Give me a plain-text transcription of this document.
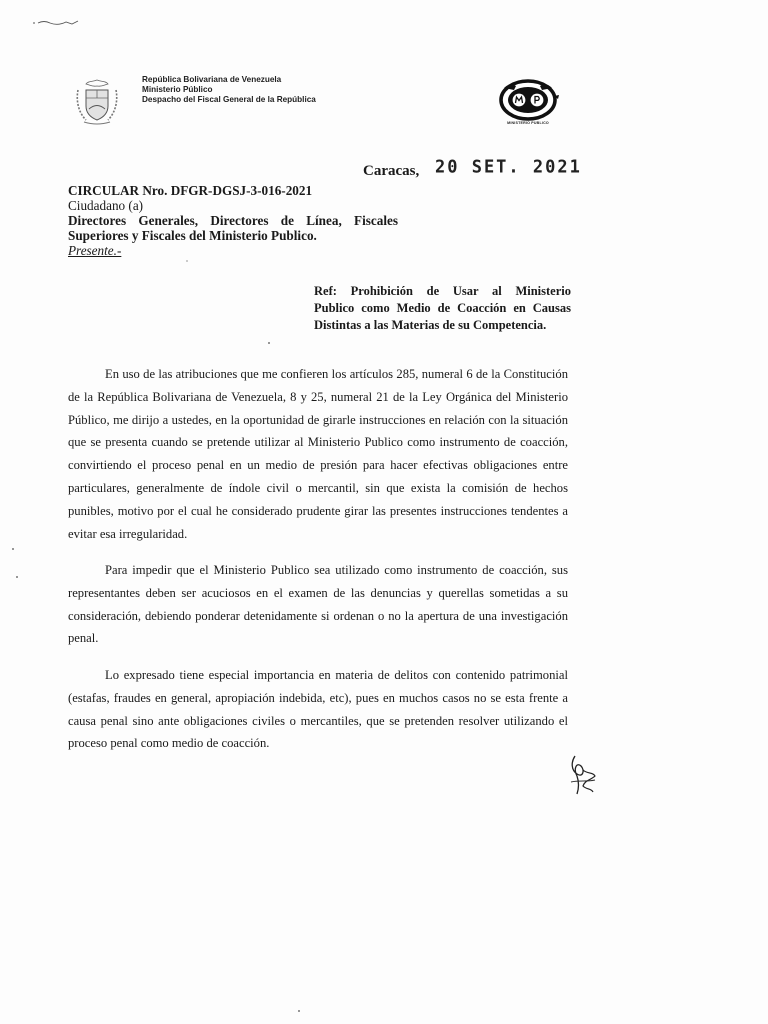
República Bolivariana de Venezuela
Ministerio Público
Despacho del Fiscal General de la República
MINISTERIO PUBLICO
Caracas, 20 SET. 2021
CIRCULAR Nro. DFGR-DGSJ-3-016-2021
Ciudadano (a)
Directores Generales, Directores de Línea, Fiscales
Superiores y Fiscales del Ministerio Publico.
Presente.-
Ref: Prohibición de Usar al Ministerio
Publico como Medio de Coacción en Causas
Distintas a las Materias de su Competencia.
En uso de las atribuciones que me confieren los artículos 285, numeral 6 de la Constitución
de la República Bolivariana de Venezuela, 8 y 25, numeral 21 de la Ley Orgánica del Ministerio
Público, me dirijo a ustedes, en la oportunidad de girarle instrucciones en relación con la situación
que se presenta cuando se pretende utilizar al Ministerio Publico como instrumento de coacción,
convirtiendo el proceso penal en un medio de presión para hacer efectivas obligaciones entre
particulares, generalmente de índole civil o mercantil, sin que exista la comisión de hechos
punibles, motivo por el cual he considerado prudente girar las presentes instrucciones tendentes a
evitar esa irregularidad.
Para impedir que el Ministerio Publico sea utilizado como instrumento de coacción, sus
representantes deben ser acuciosos en el examen de las denuncias y querellas sometidas a su
consideración, debiendo ponderar detenidamente si ordenan o no la apertura de una investigación
penal.
Lo expresado tiene especial importancia en materia de delitos con contenido patrimonial
(estafas, fraudes en general, apropiación indebida, etc), pues en muchos casos no se esta frente a
causa penal sino ante obligaciones civiles o mercantiles, que se pretenden resolver utilizando el
proceso penal como medio de coacción.
